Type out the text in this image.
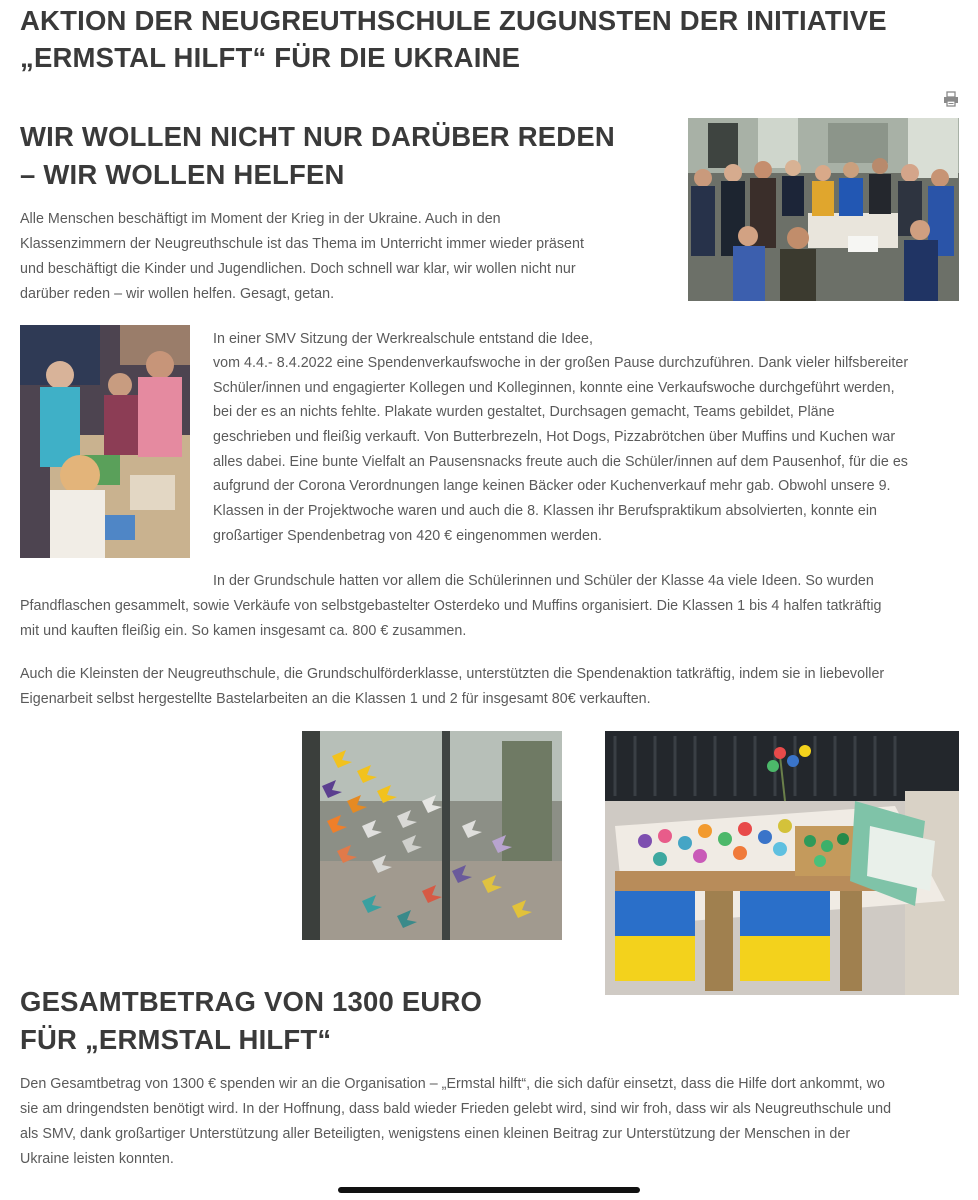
AKTION DER NEUGREUTHSCHULE ZUGUNSTEN DER INITIATIVE
„ERMSTAL HILFT“ FÜR DIE UKRAINE
WIR WOLLEN NICHT NUR DARÜBER REDEN
– WIR WOLLEN HELFEN
Alle Menschen beschäftigt im Moment der Krieg in der Ukraine. Auch in den
Klassenzimmern der Neugreuthschule ist das Thema im Unterricht immer wieder präsent
und beschäftigt die Kinder und Jugendlichen. Doch schnell war klar, wir wollen nicht nur
darüber reden – wir wollen helfen. Gesagt, getan.
In einer SMV Sitzung der Werkrealschule entstand die Idee,
vom 4.4.- 8.4.2022 eine Spendenverkaufswoche in der großen Pause durchzuführen. Dank vieler hilfsbereiter
Schüler/innen und engagierter Kollegen und Kolleginnen, konnte eine Verkaufswoche durchgeführt werden,
bei der es an nichts fehlte. Plakate wurden gestaltet, Durchsagen gemacht, Teams gebildet, Pläne
geschrieben und fleißig verkauft. Von Butterbrezeln, Hot Dogs, Pizzabrötchen über Muffins und Kuchen war
alles dabei. Eine bunte Vielfalt an Pausensnacks freute auch die Schüler/innen auf dem Pausenhof, für die es
aufgrund der Corona Verordnungen lange keinen Bäcker oder Kuchenverkauf mehr gab. Obwohl unsere 9.
Klassen in der Projektwoche waren und auch die 8. Klassen ihr Berufspraktikum absolvierten, konnte ein
großartiger Spendenbetrag von 420 € eingenommen werden.
In der Grundschule hatten vor allem die Schülerinnen und Schüler der Klasse 4a viele Ideen. So wurden
Pfandflaschen gesammelt, sowie Verkäufe von selbstgebastelter Osterdeko und Muffins organisiert. Die Klassen 1 bis 4 halfen tatkräftig
mit und kauften fleißig ein. So kamen insgesamt ca. 800 € zusammen.
Auch die Kleinsten der Neugreuthschule, die Grundschulförderklasse, unterstützten die Spendenaktion tatkräftig, indem sie in liebevoller
Eigenarbeit selbst hergestellte Bastelarbeiten an die Klassen 1 und 2 für insgesamt 80€ verkauften.
GESAMTBETRAG VON 1300 EURO
FÜR „ERMSTAL HILFT“
Den Gesamtbetrag von 1300 € spenden wir an die Organisation – „Ermstal hilft“, die sich dafür einsetzt, dass die Hilfe dort ankommt, wo
sie am dringendsten benötigt wird. In der Hoffnung, dass bald wieder Frieden gelebt wird, sind wir froh, dass wir als Neugreuthschule und
als SMV, dank großartiger Unterstützung aller Beteiligten, wenigstens einen kleinen Beitrag zur Unterstützung der Menschen in der
Ukraine leisten konnten.
